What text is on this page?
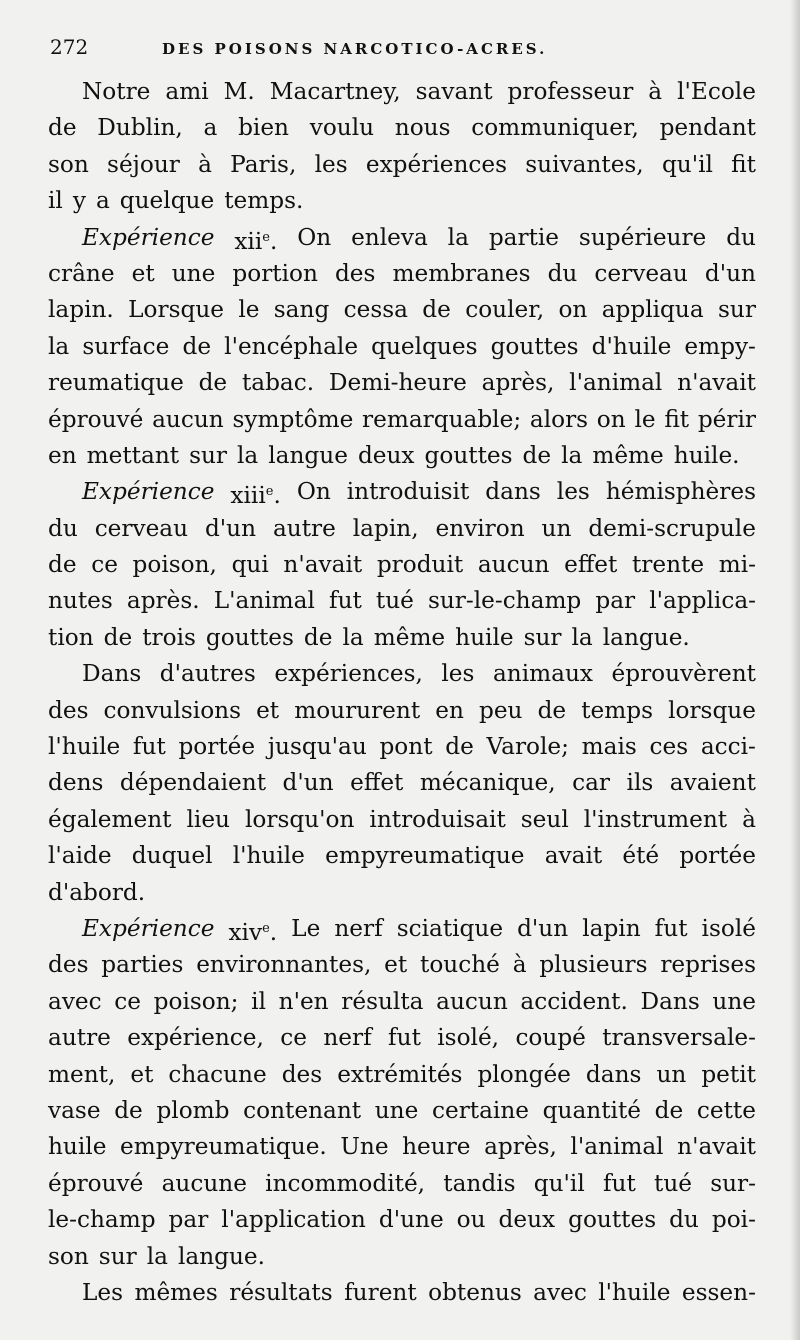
272	DES POISONS NARCOTICO-ACRES.
Notre ami M. Macartney, savant professeur à l'Ecole
de Dublin, a bien voulu nous communiquer, pendant
son séjour à Paris, les expériences suivantes, qu'il fit
il y a quelque temps.
Expérience xii$^e$. On enleva la partie supérieure du
crâne et une portion des membranes du cerveau d'un
lapin. Lorsque le sang cessa de couler, on appliqua sur
la surface de l'encéphale quelques gouttes d'huile empy-
reumatique de tabac. Demi-heure après, l'animal n'avait
éprouvé aucun symptôme remarquable; alors on le fit périr
en mettant sur la langue deux gouttes de la même huile.
Expérience xiii$^e$. On introduisit dans les hémisphères
du cerveau d'un autre lapin, environ un demi-scrupule
de ce poison, qui n'avait produit aucun effet trente mi-
nutes après. L'animal fut tué sur-le-champ par l'applica-
tion de trois gouttes de la même huile sur la langue.
Dans d'autres expériences, les animaux éprouvèrent
des convulsions et moururent en peu de temps lorsque
l'huile fut portée jusqu'au pont de Varole; mais ces acci-
dens dépendaient d'un effet mécanique, car ils avaient
également lieu lorsqu'on introduisait seul l'instrument à
l'aide duquel l'huile empyreumatique avait été portée
d'abord.
Expérience xiv$^e$. Le nerf sciatique d'un lapin fut isolé
des parties environnantes, et touché à plusieurs reprises
avec ce poison; il n'en résulta aucun accident. Dans une
autre expérience, ce nerf fut isolé, coupé transversale-
ment, et chacune des extrémités plongée dans un petit
vase de plomb contenant une certaine quantité de cette
huile empyreumatique. Une heure après, l'animal n'avait
éprouvé aucune incommodité, tandis qu'il fut tué sur-
le-champ par l'application d'une ou deux gouttes du poi-
son sur la langue.
Les mêmes résultats furent obtenus avec l'huile essen-
